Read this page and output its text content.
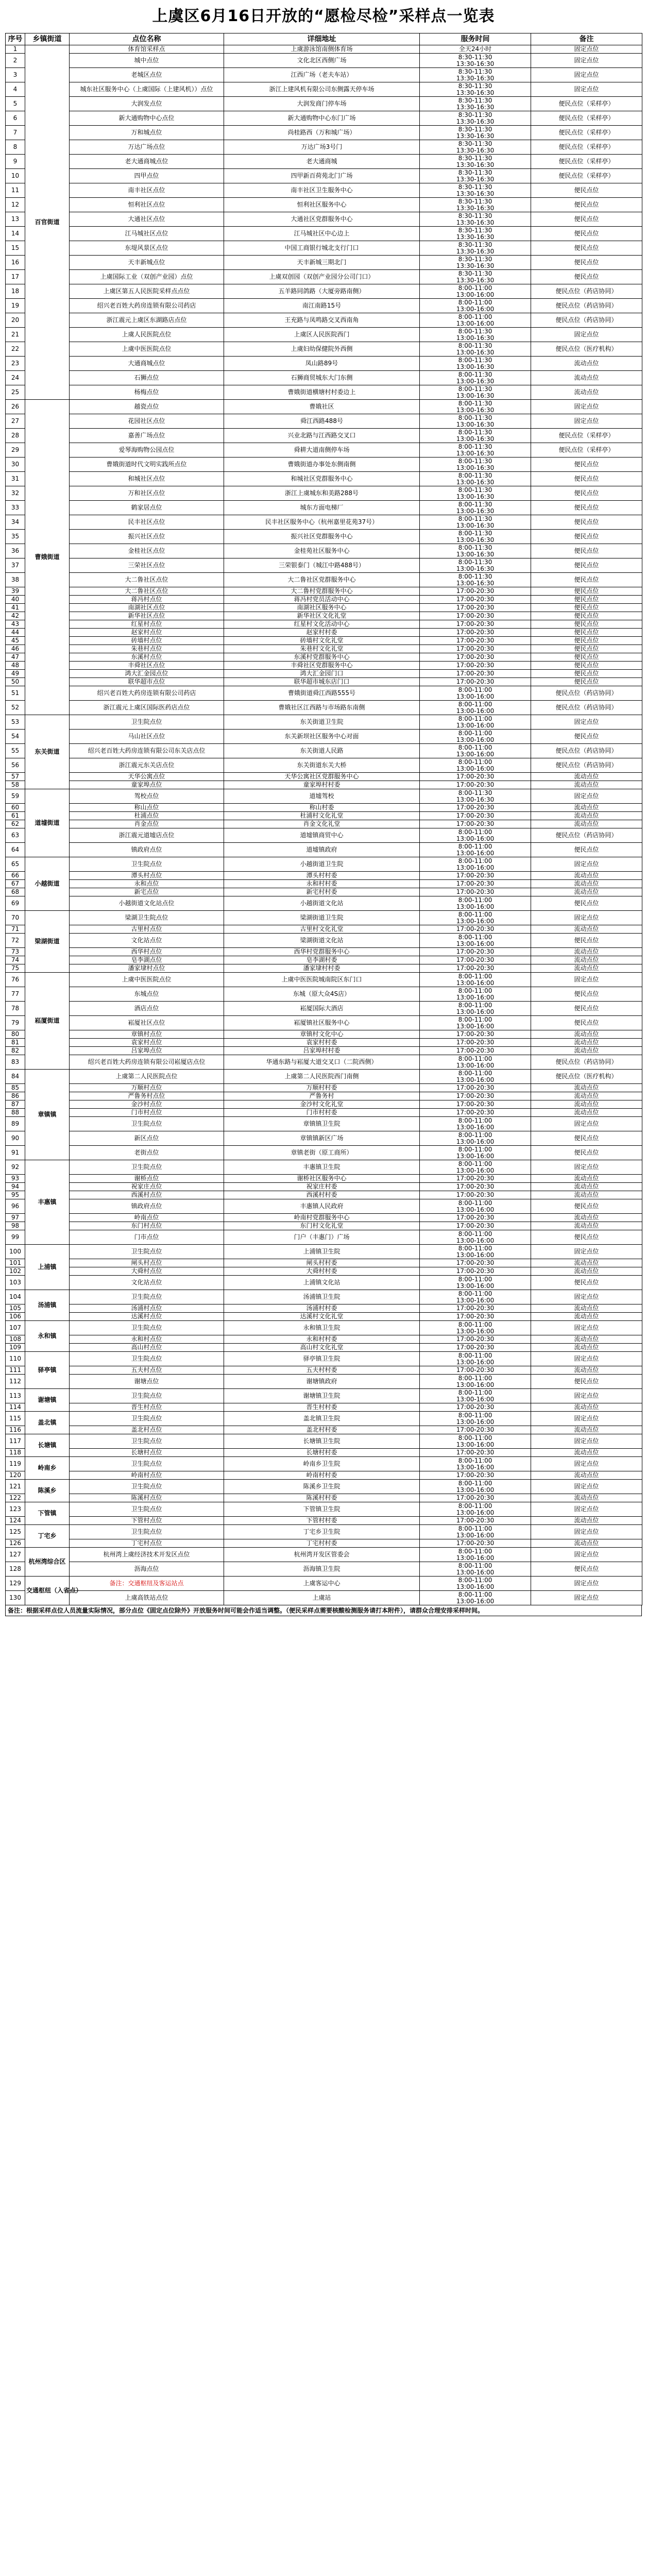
上虞区6月16日开放的“愿检尽检”采样点一览表
序号	乡镇街道	点位名称	详细地址	服务时间	备注
1	百官街道	体育馆采样点	上虞游泳馆南侧体育场	全天24小时	固定点位
2		城中点位	文化北区西侧广场	8:30-11:30
13:30-16:30	固定点位
3		老城区点位	江西广场（老夫车站）	8:30-11:30
13:30-16:30	固定点位
4		城东社区服务中心（上虞国际（上建风机））点位	浙江上建风机有限公司东侧露天停车场	8:30-11:30
13:30-16:30	固定点位
5		大润发点位	大润发商门停车场	8:30-11:30
13:30-16:30	便民点位（采样亭）
6		新大通购物中心点位	新大通购物中心东门广场	8:30-11:30
13:30-16:30	便民点位（采样亭）
7		万和城点位	尚桂路西（万和城广场）	8:30-11:30
13:30-16:30	便民点位（采样亭）
8		万达广场点位	万达广场3号门	8:30-11:30
13:30-16:30	便民点位（采样亭）
9		老大通商城点位	老大通商城	8:30-11:30
13:30-16:30	便民点位（采样亭）
10		四甲点位	四甲新百荷苑北门广场	8:30-11:30
13:30-16:30	便民点位（采样亭）
11		南丰社区点位	南丰社区卫生服务中心	8:30-11:30
13:30-16:30	便民点位
12		恒利社区点位	恒利社区服务中心	8:30-11:30
13:30-16:30	便民点位
13		大通社区点位	大通社区党群服务中心	8:30-11:30
13:30-16:30	便民点位
14		江马城社区点位	江马城社区中心边上	8:30-11:30
13:30-16:30	便民点位
15		东堤风景区点位	中国工商银行城北支行门口	8:30-11:30
13:30-16:30	便民点位
16		天丰新城点位	天丰新城三期北门	8:30-11:30
13:30-16:30	便民点位
17		上虞国际工业（双创产业园）点位	上虞双创园（双创产业园分公司门口）	8:30-11:30
13:30-16:30	便民点位
18		上虞区第五人民医院采样点点位	五羊路同鸽路（大厦旁路南侧）	8:00-11:00
13:00-16:00	便民点位（药店协同）
19		绍兴老百姓大药房连锁有限公司药店	南江南路15号	8:00-11:00
13:00-16:00	便民点位（药店协同）
20		浙江震元上虞区东湖路店点位	王充路与凤鸣路交叉西南角	8:00-11:00
13:00-16:00	便民点位（药店协同）
21		上虞人民医院点位	上虞区人民医院西门	8:00-11:30
13:00-16:30	固定点位
22		上虞中医医院点位	上虞妇幼保健院外西侧	8:00-11:30
13:00-16:30	便民点位（医疗机构）
23		大通商城点位	凤山路89号	8:00-11:30
13:00-16:30	流动点位
24		石狮点位	石狮商贸城东大门东侧	8:00-11:30
13:00-16:30	流动点位
25		杨梅点位	曹娥街道横塘村村委边上	8:00-11:30
13:00-16:30	流动点位
26	曹娥街道	越瓷点位	曹娥社区	8:00-11:30
13:00-16:30	固定点位
27		花园社区点位	舜江西路488号	8:00-11:30
13:00-16:30	固定点位
28		嘉善广场点位	兴业北路与江西路交叉口	8:00-11:30
13:00-16:30	便民点位（采样亭）
29		爱琴海购物公园点位	舜耕大道南侧停车场	8:00-11:30
13:00-16:30	便民点位（采样亭）
30		曹娥街道时代文明实践所点位	曹娥街道办事处东侧南侧	8:00-11:30
13:00-16:30	便民点位
31		和城社区点位	和城社区党群服务中心	8:00-11:30
13:00-16:30	便民点位
32		万和社区点位	浙江上虞城东和美路288号	8:00-11:30
13:00-16:30	便民点位
33		鹤家居点位	城东方面电梯厂	8:00-11:30
13:00-16:30	便民点位
34		民丰社区点位	民丰社区服务中心（杭州嘉里花苑37号）	8:00-11:30
13:00-16:30	便民点位
35		振兴社区点位	振兴社区党群服务中心	8:00-11:30
13:00-16:30	便民点位
36		金桂社区点位	金桂苑社区服务中心	8:00-11:30
13:00-16:30	便民点位
37		三荣社区点位	三荣银泰门（城江中路488号）	8:00-11:30
13:00-16:30	便民点位
38		大二鲁社区点位	大二鲁社区党群服务中心	8:00-11:30
13:00-16:30	便民点位
39		大二鲁社区点位	大二鲁村党群服务中心	17:00-20:30	便民点位
40		蒋冯村点位	蒋冯村党员活动中心	17:00-20:30	便民点位
41		南湖社区点位	南湖社区服务中心	17:00-20:30	便民点位
42		新华社区点位	新华社区文化礼堂	17:00-20:30	便民点位
43		红星村点位	红星村文化活动中心	17:00-20:30	便民点位
44		赵家村点位	赵家村村委	17:00-20:30	便民点位
45		砖墙村点位	砖墙村文化礼堂	17:00-20:30	便民点位
46		朱巷村点位	朱巷村文化礼堂	17:00-20:30	便民点位
47		东溪村点位	东溪村党群服务中心	17:00-20:30	便民点位
48		丰舜社区点位	丰舜社区党群服务中心	17:00-20:30	便民点位
49		鸿大汇金园点位	鸿大汇金园门口	17:00-20:30	便民点位
50		联华超市点位	联华超市城东店门口	17:00-20:30	便民点位
51		绍兴老百姓大药房连锁有限公司药店	曹娥街道舜江西路555号	8:00-11:00
13:00-16:00	便民点位（药店协同）
52		浙江震元上虞区国际医药店点位	曹娥社区江西路与市场路东南侧	8:00-11:00
13:00-16:00	便民点位（药店协同）
53	东关街道	卫生院点位	东关街道卫生院	8:00-11:00
13:00-16:00	固定点位
54		马山社区点位	东关新坝社区服务中心对面	8:00-11:00
13:00-16:00	便民点位
55		绍兴老百姓大药房连锁有限公司东关店点位	东关街道人民路	8:00-11:00
13:00-16:00	便民点位（药店协同）
56		浙江震元东关店点位	东关街道东关大桥	8:00-11:00
13:00-16:00	便民点位（药店协同）
57		天华公寓点位	天华公寓社区党群服务中心	17:00-20:30	流动点位
58		童家埠点位	童家埠村村委	17:00-20:30	流动点位
59	道墟街道	驾校点位	道墟驾校	8:00-11:30
13:00-16:30	固定点位
60		称山点位	称山村委	17:00-20:30	流动点位
61		杜浦点位	杜浦村文化礼堂	17:00-20:30	流动点位
62		肖金点位	肖金文化礼堂	17:00-20:30	流动点位
63		浙江震元道墟店点位	道墟镇商贸中心	8:00-11:00
13:00-16:00	便民点位（药店协同）
64		镇政府点位	道墟镇政府	8:00-11:00
13:00-16:00	便民点位
65	小越街道	卫生院点位	小越街道卫生院	8:00-11:00
13:00-16:00	固定点位
66		潭头村点位	潭头村村委	17:00-20:30	流动点位
67		永和点位	永和村村委	17:00-20:30	流动点位
68		新宅点位	新宅村村委	17:00-20:30	流动点位
69		小越街道文化站点位	小越街道文化站	8:00-11:00
13:00-16:00	便民点位
70	梁湖街道	梁湖卫生院点位	梁湖街道卫生院	8:00-11:00
13:00-16:00	固定点位
71		古里村点位	古里村文化礼堂	17:00-20:30	流动点位
72		文化站点位	梁湖街道文化站	8:00-11:00
13:00-16:00	便民点位
73		西华村点位	西华村党群服务中心	17:00-20:30	流动点位
74		皂李湖点位	皂李湖村委	17:00-20:30	流动点位
75		潘家埭村点位	潘家埭村村委	17:00-20:30	流动点位
76	崧厦街道	上虞中医医院点位	上虞中医医院城南院区东门口	8:00-11:00
13:00-16:00	固定点位
77		东城点位	东城（原大众4S店）	8:00-11:00
13:00-16:00	便民点位
78		酒店点位	崧厦国际大酒店	8:00-11:00
13:00-16:00	便民点位
79		崧厦社区点位	崧厦镇社区服务中心	8:00-11:00
13:00-16:00	便民点位
80		章镇村点位	章镇村文化中心	17:00-20:30	流动点位
81		袁家村点位	袁家村村委	17:00-20:30	流动点位
82		吕家埠点位	吕家埠村村委	17:00-20:30	流动点位
83		绍兴老百姓大药房连锁有限公司崧厦店点位	华通东路与崧厦大道交叉口（二院西侧）	8:00-11:00
13:00-16:00	便民点位（药店协同）
84	章镇镇	上虞第二人民医院点位	上虞第二人民医院西门南侧	8:00-11:00
13:00-16:00	便民点位（医疗机构）
85		万顺村点位	万顺村村委	17:00-20:30	流动点位
86		严鲁务村点位	严鲁务村	17:00-20:30	流动点位
87		金沙村点位	金沙村文化礼堂	17:00-20:30	流动点位
88		门市村点位	门市村村委	17:00-20:30	流动点位
89		卫生院点位	章镇镇卫生院	8:00-11:00
13:00-16:00	固定点位
90		新区点位	章镇镇新区广场	8:00-11:00
13:00-16:00	便民点位
91		老街点位	章镇老街（原工商所）	8:00-11:00
13:00-16:00	便民点位
92	丰惠镇	卫生院点位	丰惠镇卫生院	8:00-11:00
13:00-16:00	固定点位
93		谢桥点位	谢桥社区服务中心	17:00-20:30	流动点位
94		祝家庄点位	祝家庄村委	17:00-20:30	流动点位
95		西溪村点位	西溪村村委	17:00-20:30	流动点位
96		镇政府点位	丰惠镇人民政府	8:00-11:00
13:00-16:00	便民点位
97		岭南点位	岭南村党群服务中心	17:00-20:30	流动点位
98		东门村点位	东门村文化礼堂	17:00-20:30	流动点位
99		门市点位	门户（丰惠门）广场	8:00-11:00
13:00-16:00	便民点位
100	上浦镇	卫生院点位	上浦镇卫生院	8:00-11:00
13:00-16:00	固定点位
101		闸头村点位	闸头村村委	17:00-20:30	流动点位
102		大舜村点位	大舜村村委	17:00-20:30	流动点位
103		文化站点位	上浦镇文化站	8:00-11:00
13:00-16:00	便民点位
104	汤浦镇	卫生院点位	汤浦镇卫生院	8:00-11:00
13:00-16:00	固定点位
105		汤浦村点位	汤浦村村委	17:00-20:30	流动点位
106		达溪村点位	达溪村文化礼堂	17:00-20:30	流动点位
107	永和镇	卫生院点位	永和镇卫生院	8:00-11:00
13:00-16:00	固定点位
108		永和村点位	永和村村委	17:00-20:30	流动点位
109		高山村点位	高山村文化礼堂	17:00-20:30	流动点位
110	驿亭镇	卫生院点位	驿亭镇卫生院	8:00-11:00
13:00-16:00	固定点位
111		五夫村点位	五夫村村委	17:00-20:30	流动点位
112		谢塘点位	谢塘镇政府	8:00-11:00
13:00-16:00	便民点位
113	谢塘镇	卫生院点位	谢塘镇卫生院	8:00-11:00
13:00-16:00	固定点位
114		晋生村点位	晋生村村委	17:00-20:30	流动点位
115	盖北镇	卫生院点位	盖北镇卫生院	8:00-11:00
13:00-16:00	固定点位
116		盖北村点位	盖北村村委	17:00-20:30	流动点位
117	长塘镇	卫生院点位	长塘镇卫生院	8:00-11:00
13:00-16:00	固定点位
118		长塘村点位	长塘村村委	17:00-20:30	流动点位
119	岭南乡	卫生院点位	岭南乡卫生院	8:00-11:00
13:00-16:00	固定点位
120		岭南村点位	岭南村村委	17:00-20:30	流动点位
121	陈溪乡	卫生院点位	陈溪乡卫生院	8:00-11:00
13:00-16:00	固定点位
122		陈溪村点位	陈溪村村委	17:00-20:30	流动点位
123	下管镇	卫生院点位	下管镇卫生院	8:00-11:00
13:00-16:00	固定点位
124		下管村点位	下管村村委	17:00-20:30	流动点位
125	丁宅乡	卫生院点位	丁宅乡卫生院	8:00-11:00
13:00-16:00	固定点位
126		丁宅村点位	丁宅村村委	17:00-20:30	流动点位
127	杭州湾综合区	杭州湾上虞经济技术开发区点位	杭州湾开发区管委会	8:00-11:00
13:00-16:00	固定点位
128		沥海点位	沥海镇卫生院	8:00-11:00
13:00-16:00	便民点位
129	交通枢纽（入省点）	备注：交通枢纽及客运站点	上虞客运中心	8:00-11:00
13:00-16:00	固定点位
130		上虞高铁站点位	上虞站	8:00-11:00
13:00-16:00	固定点位
备注：根据采样点位人员流量实际情况，部分点位《固定点位除外》开放服务时间可能会作适当调整。（便民采样点需要核酸检测服务请打本附件），请群众合理安排采样时间。
